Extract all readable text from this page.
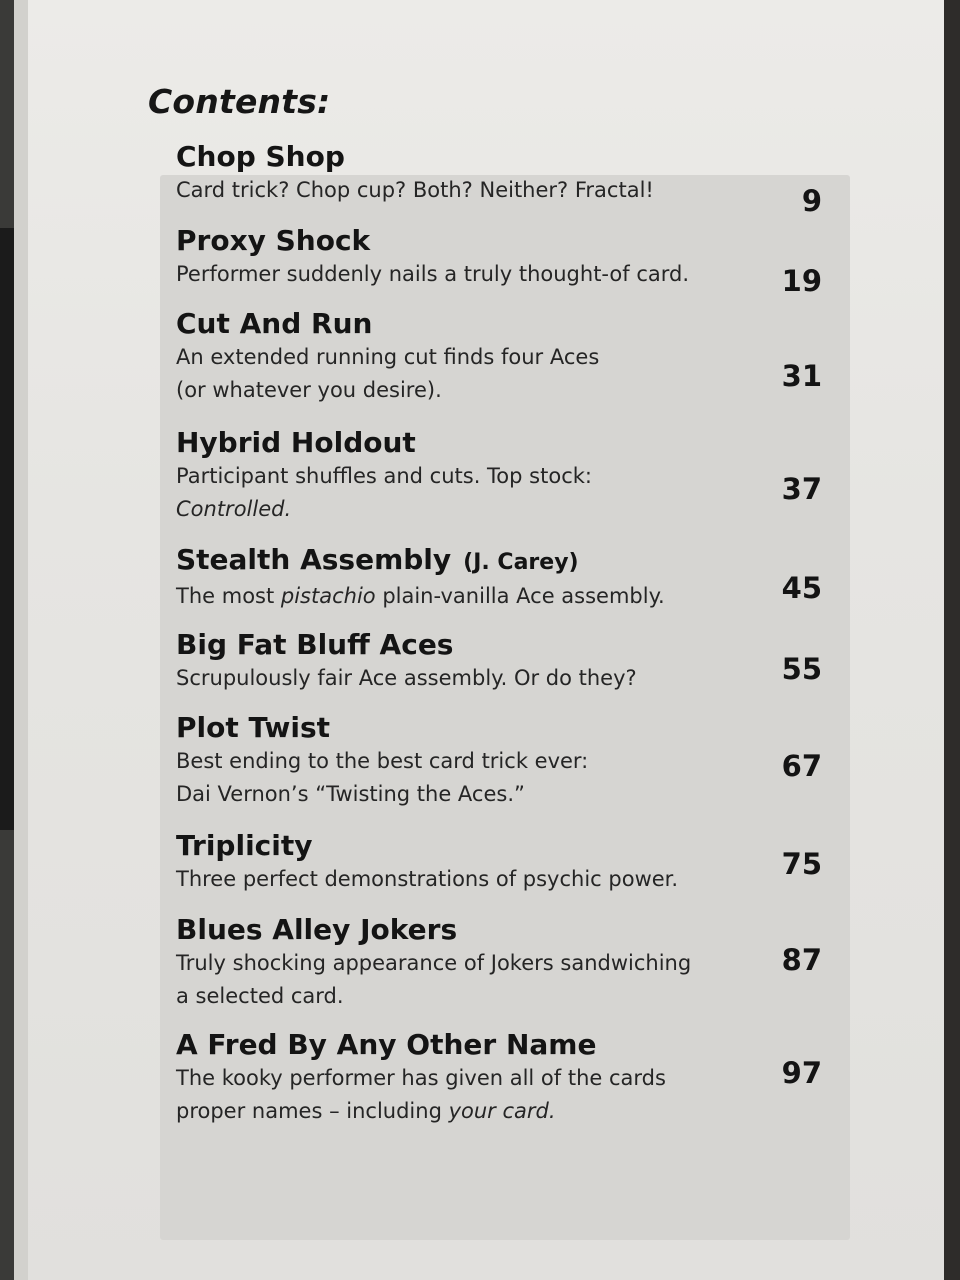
Contents:
Chop Shop
Card trick? Chop cup? Both? Neither? Fractal!	9
Proxy Shock
Performer suddenly nails a truly thought-of card.	19
Cut And Run
An extended running cut finds four Aces
(or whatever you desire).	31
Hybrid Holdout
Participant shuffles and cuts. Top stock:
Controlled.
37
Stealth Assembly (J. Carey)
The most pistachio plain-vanilla Ace assembly.	45
Big Fat Bluff Aces
Scrupulously fair Ace assembly. Or do they?	55
Plot Twist
Best ending to the best card trick ever:
Dai Vernon’s “Twisting the Aces.”
67
Triplicity
Three perfect demonstrations of psychic power.	75
Blues Alley Jokers
Truly shocking appearance of Jokers sandwiching
a selected card.
87
A Fred By Any Other Name
The kooky performer has given all of the cards
proper names – including your card.
97
